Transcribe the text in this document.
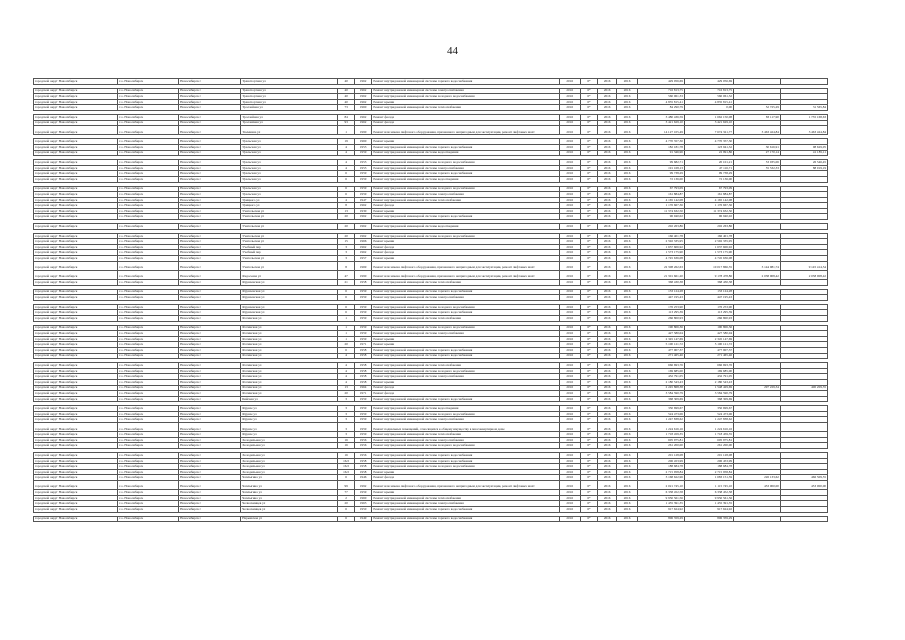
44

городской округ Новосибирск	г.о. Новосибирск	Новосибирск г	Транспортная ул	40	1962	Ремонт внутридомовой инженерной системы горячего водоснабжения	2016	6*	2016	2016	429 056,69	429 056,69		

городской округ Новосибирск	г.о. Новосибирск	Новосибирск г	Транспортная ул	40	1962	Ремонт внутридомовой инженерной системы электроснабжения	2016	6*	2016	2016	716 813,75	716 813,75		
городской округ Новосибирск	г.о. Новосибирск	Новосибирск г	Транспортная ул	40	1962	Ремонт внутридомовой инженерной системы холодного водоснабжения	2016	6*	2016	2016	560 061,33	560 061,32		
городской округ Новосибирск	г.о. Новосибирск	Новосибирск г	Транспортная ул	40	1962	Ремонт крыши	2016	6*	2016	2016	4 835 815,41	4 835 815,41		
городской округ Новосибирск	г.о. Новосибирск	Новосибирск г	Троллейная ул	73	1960	Ремонт внутридомовой инженерной системы теплоснабжения	2016	6*	2016	2016	84 290,79	0,00	52 725,29	31 565,84

городской округ Новосибирск	г.о. Новосибирск	Новосибирск г	Троллейная ул	84	1962	Ремонт фасада	2016	6*	2016	2016	3 480 436,59	1 662 150,08	83 117,90	1 735 168,63
городской округ Новосибирск	г.о. Новосибирск	Новосибирск г	Троллейная ул	93	1962	Ремонт фасада	2016	6*	2016	2016	3 421 629,10	3 421 629,10		
городской округ Новосибирск	г.о. Новосибирск	Новосибирск г	Тюленина ул	1	1990	Ремонт или замена лифтового оборудования, признанного непригодным для эксплуатации, ремонт лифтовых шахт	2016	6*	2016	2016	14 127 105,49	7 674 321,77	3 463 424,84	3 463 424,84

городской округ Новосибирск	г.о. Новосибирск	Новосибирск г	Уральская ул	19	1960	Ремонт крыши	2016	6*	2016	2016	4 770 357,30	4 770 357,30		
городской округ Новосибирск	г.о. Новосибирск	Новосибирск г	Уральская ул	4	1953	Ремонт внутридомовой инженерной системы горячего водоснабжения	2016	6*	2016	2016	182 181,78	123 941,32	30 616,91	98 629,05
городской округ Новосибирск	г.о. Новосибирск	Новосибирск г	Уральская ул	4	1959	Ремонт внутридомовой инженерной системы водоотведения	2016	6*	2016	2016	91 346,96	22 991,86	27 170,14	41 185,11

городской округ Новосибирск	г.о. Новосибирск	Новосибирск г	Уральская ул	4	1953	Ремонт внутридомовой инженерной системы холодного водоснабжения	2016	6*	2016	2016	99 682,71	20 101,21	53 035,06	26 546,45
городской округ Новосибирск	г.о. Новосибирск	Новосибирск г	Уральская ул	4	1953	Ремонт внутридомовой инженерной системы электроснабжения	2016	6*	2016	2016	191 168,13	47 116,71	55 532,33	88 019,19
городской округ Новосибирск	г.о. Новосибирск	Новосибирск г	Уральская ул	6	1959	Ремонт внутридомовой инженерной системы горячего водоснабжения	2016	6*	2016	2016	99 738,29	99 738,29		
городской округ Новосибирск	г.о. Новосибирск	Новосибирск г	Уральская ул	6	1959	Ремонт внутридомовой инженерной системы водоотведения	2016	6*	2016	2016	72 136,00	72 136,00		

городской округ Новосибирск	г.о. Новосибирск	Новосибирск г	Уральская ул	6	1959	Ремонт внутридомовой инженерной системы холодного водоснабжения	2016	6*	2016	2016	67 793,09	67 793,09		
городской округ Новосибирск	г.о. Новосибирск	Новосибирск г	Уральская ул	6	1959	Ремонт внутридомовой инженерной системы электроснабжения	2016	6*	2016	2016	161 884,87	161 884,87		
городской округ Новосибирск	г.о. Новосибирск	Новосибирск г	Урицкого ул	4	1947	Ремонт внутридомовой инженерной системы теплоснабжения	2016	6*	2016	2016	4 165 142,08	4 165 142,08		
городской округ Новосибирск	г.о. Новосибирск	Новосибирск г	Урицкого ул	8	1962	Ремонт фасада	2016	6*	2016	2016	1 176 667,36	1 176 667,36		
городской округ Новосибирск	г.о. Новосибирск	Новосибирск г	Учительская ул	13	1930	Ремонт крыши	2016	6*	2016	2016	11 374 632,50	11 374 632,50		
городской округ Новосибирск	г.о. Новосибирск	Новосибирск г	Учительская ул	20	1962	Ремонт внутридомовой инженерной системы горячего водоснабжения	2016	6*	2016	2016	96 940,02	96 940,02		

городской округ Новосибирск	г.о. Новосибирск	Новосибирск г	Учительская ул	20	1962	Ремонт внутридомовой инженерной системы водоотведения	2016	6*	2016	2016	202 263,86	202 263,86		

городской округ Новосибирск	г.о. Новосибирск	Новосибирск г	Учительская ул	20	1962	Ремонт внутридомовой инженерной системы холодного водоснабжения	2016	6*	2016	2016	166 401,78	166 401,78		
городской округ Новосибирск	г.о. Новосибирск	Новосибирск г	Учительская ул	15	1966	Ремонт крыши	2016	6*	2016	2016	2 592 335,95	2 592 335,95		
городской округ Новосибирск	г.о. Новосибирск	Новосибирск г	Учебный пер	3	1962	Ремонт фасада	2016	6*	2016	2016	1 637 606,92	1 637 606,92		
городской округ Новосибирск	г.о. Новосибирск	Новосибирск г	Учебный пер	3	1962	Ремонт фасада	2016	6*	2016	2016	1 573 175,90	1 573 175,90		
городской округ Новосибирск	г.о. Новосибирск	Новосибирск г	Учительская ул	3	1957	Ремонт крыши	2016	6*	2016	2016	4 745 636,08	4 745 636,08		
городской округ Новосибирск	г.о. Новосибирск	Новосибирск г	Учительская ул	8	1969	Ремонт или замена лифтового оборудования, признанного непригодным для эксплуатации, ремонт лифтовых шахт	2016	6*	2016	2016	22 308 262,63	10 017 866,35	3 144 981,74	9 145 414,54
городской округ Новосибирск	г.о. Новосибирск	Новосибирск г	Федосеева ул	47	1990	Ремонт или замена лифтового оборудования, признанного непригодным для эксплуатации, ремонт лифтовых шахт	2016	6*	2016	2016	21 301 661,20	9 178 478,86	2 038 908,42	2 038 908,42
городской округ Новосибирск	г.о. Новосибирск	Новосибирск г	Фрунзенская ул	21	1958	Ремонт внутридомовой инженерной системы теплоснабжения	2016	6*	2016	2016	368 430,38	368 430,38		

городской округ Новосибирск	г.о. Новосибирск	Новосибирск г	Фрунзенская ул	6	1959	Ремонт внутридомовой инженерной системы горячего водоснабжения	2016	6*	2016	2016	133 124,28	133 124,28		
городской округ Новосибирск	г.о. Новосибирск	Новосибирск г	Фрунзенская ул	6	1959	Ремонт внутридомовой инженерной системы электроснабжения	2016	6*	2016	2016	447 195,43	447 195,43		

городской округ Новосибирск	г.о. Новосибирск	Новосибирск г	Фрунзенская ул	6	1959	Ремонт внутридомовой инженерной системы холодного водоснабжения	2016	6*	2016	2016	176 253,90	176 253,90		
городской округ Новосибирск	г.о. Новосибирск	Новосибирск г	Фрунзенская ул	6	1959	Ремонт внутридомовой инженерной системы горячего водоснабжения	2016	6*	2016	2016	113 295,39	113 295,39		
городской округ Новосибирск	г.о. Новосибирск	Новосибирск г	Фотинская ул	1	1959	Ремонт внутридомовой инженерной системы теплоснабжения	2016	6*	2016	2016	266 800,93	266 800,93		

городской округ Новосибирск	г.о. Новосибирск	Новосибирск г	Фотинская ул	1	1959	Ремонт внутридомовой инженерной системы холодного водоснабжения	2016	6*	2016	2016	190 806,36	190 806,36		
городской округ Новосибирск	г.о. Новосибирск	Новосибирск г	Фотинская ул	1	1959	Ремонт внутридомовой инженерной системы электроснабжения	2016	6*	2016	2016	427 580,04	427 580,04		
городской округ Новосибирск	г.о. Новосибирск	Новосибирск г	Фотинская ул	1	1959	Ремонт крыши	2016	6*	2016	2016	2 345 147,69	2 345 147,69		
городской округ Новосибирск	г.о. Новосибирск	Новосибирск г	Фотинская ул	20	1971	Ремонт крыши	2016	6*	2016	2016	5 100 121,72	5 100 121,72		
городской округ Новосибирск	г.о. Новосибирск	Новосибирск г	Фотинская ул	6	1958	Ремонт внутридомовой инженерной системы горячего водоснабжения	2016	6*	2016	2016	477 907,37	477 907,37		
городской округ Новосибирск	г.о. Новосибирск	Новосибирск г	Фотинская ул	4	1958	Ремонт внутридомовой инженерной системы горячего водоснабжения	2016	6*	2016	2016	271 465,46	271 465,46		

городской округ Новосибирск	г.о. Новосибирск	Новосибирск г	Фотинская ул	4	1958	Ремонт внутридомовой инженерной системы теплоснабжения	2016	6*	2016	2016	666 693,76	666 693,76		
городской округ Новосибирск	г.о. Новосибирск	Новосибирск г	Фотинская ул	4	1958	Ремонт внутридомовой инженерной системы холодного водоснабжения	2016	6*	2016	2016	169 685,00	169 685,00		
городской округ Новосибирск	г.о. Новосибирск	Новосибирск г	Фотинская ул	4	1958	Ремонт внутридомовой инженерной системы электроснабжения	2016	6*	2016	2016	432 791,05	432 791,05		
городской округ Новосибирск	г.о. Новосибирск	Новосибирск г	Фотинская ул	4	1958	Ремонт крыши	2016	6*	2016	2016	2 180 543,43	2 180 543,43		
городской округ Новосибирск	г.о. Новосибирск	Новосибирск г	Фотинская ул	13	1964	Ремонт фасада	2016	6*	2016	2016	2 245 868,38	1 548 429,69	297 229,34	400 209,35
городской округ Новосибирск	г.о. Новосибирск	Новосибирск г	Фотинская ул	20	1971	Ремонт фасада	2016	6*	2016	2016	3 584 590,79	3 584 590,79		
городской округ Новосибирск	г.о. Новосибирск	Новосибирск г	Бийская ул	3	1959	Ремонт внутридомовой инженерной системы горячего водоснабжения	2016	6*	2016	2016	368 309,69	368 309,69		

городской округ Новосибирск	г.о. Новосибирск	Новосибирск г	Фрунзе ул	3	1959	Ремонт внутридомовой инженерной системы водоотведения	2016	6*	2016	2016	350 699,67	350 699,67		
городской округ Новосибирск	г.о. Новосибирск	Новосибирск г	Фрунзе ул	3	1959	Ремонт внутридомовой инженерной системы холодного водоснабжения	2016	6*	2016	2016	524 473,06	524 473,06		
городской округ Новосибирск	г.о. Новосибирск	Новосибирск г	Фрунзе ул	3	1959	Ремонт внутридомовой инженерной системы электроснабжения	2016	6*	2016	2016	1 247 838,62	1 247 838,62		
городской округ Новосибирск	г.о. Новосибирск	Новосибирск г	Фрунзе ул	3	1959	Ремонт подвальных помещений, относящихся к общему имуществу в многоквартирном доме	2016	6*	2016	2016	1 224 616,16	1 224 616,16		
городской округ Новосибирск	г.о. Новосибирск	Новосибирск г	Фрунзе ул	3	1959	Ремонт внутридомовой инженерной системы теплоснабжения	2016	6*	2016	2016	1 718 459,35	1 718 459,35		
городской округ Новосибирск	г.о. Новосибирск	Новосибирск г	Холодильная ул	16	1956	Ремонт внутридомовой инженерной системы электроснабжения	2016	6*	2016	2016	605 975,81	605 975,81		
городской округ Новосибирск	г.о. Новосибирск	Новосибирск г	Холодильная ул	16	1956	Ремонт внутридомовой инженерной системы холодного водоснабжения	2016	6*	2016	2016	261 200,00	261 200,00		

городской округ Новосибирск	г.о. Новосибирск	Новосибирск г	Холодильная ул	16	1956	Ремонт внутридомовой инженерной системы горячего водоснабжения	2016	6*	2016	2016	201 128,08	201 128,08		
городской округ Новосибирск	г.о. Новосибирск	Новосибирск г	Холодильная ул	16/2	1958	Ремонт внутридомовой инженерной системы горячего водоснабжения	2016	6*	2016	2016	206 453,99	206 453,99		
городской округ Новосибирск	г.о. Новосибирск	Новосибирск г	Холодильная ул	16/2	1958	Ремонт внутридомовой инженерной системы холодного водоснабжения	2016	6*	2016	2016	188 684,78	188 684,78		
городской округ Новосибирск	г.о. Новосибирск	Новосибирск г	Холодильная ул	16/2	1958	Ремонт крыши	2016	6*	2016	2016	2 715 958,84	2 715 958,84		
городской округ Новосибирск	г.о. Новосибирск	Новосибирск г	Чаплыгина ул	6	1946	Ремонт фасада	2016	6*	2016	2016	3 168 622,96	1 683 151,59	226 133,62	466 509,55
городской округ Новосибирск	г.о. Новосибирск	Новосибирск г	Чаплыгина ул	99	1992	Ремонт или замена лифтового оборудования, признанного непригодным для эксплуатации, ремонт лифтовых шахт	2016	6*	2016	2016	2 021 745,10	1 115 745,10	453 000,00	453 000,00
городской округ Новосибирск	г.о. Новосибирск	Новосибирск г	Чаплыгина ул	77	1959	Ремонт крыши	2016	6*	2016	2016	6 338 452,58	6 338 452,58		
городской округ Новосибирск	г.о. Новосибирск	Новосибирск г	Чаплыгина ул	2	1960	Ремонт внутридомовой инженерной системы теплоснабжения	2016	6*	2016	2016	9 950 561,56	9 950 561,56		
городской округ Новосибирск	г.о. Новосибирск	Новосибирск г	Челюскинцев ул	20	1963	Ремонт внутридомовой инженерной системы электроснабжения	2016	6*	2016	2016	1 455 391,35	1 455 391,35		
городской округ Новосибирск	г.о. Новосибирск	Новосибирск г	Челюскинцев ул	6	1950	Ремонт внутридомовой инженерной системы горячего водоснабжения	2016	6*	2016	2016	917 624,92	917 624,92		

городской округ Новосибирск	г.о. Новосибирск	Новосибирск г	Нарымская ул	6	1949	Ремонт внутридомовой инженерной системы горячего водоснабжения	2016	6*	2016	2016	806 359,29	806 359,29		
